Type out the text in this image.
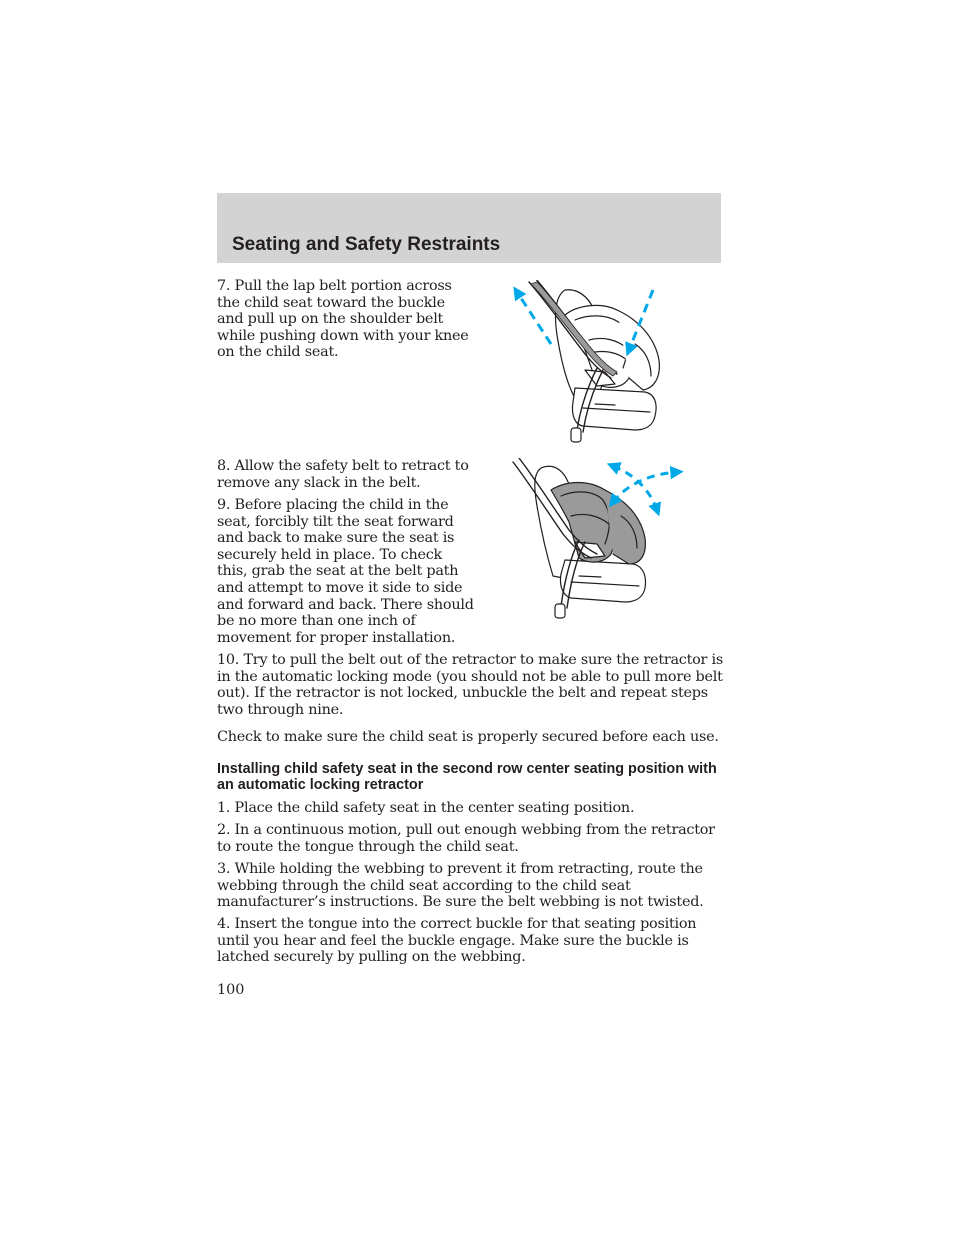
Seating and Safety Restraints

7. Pull the lap belt portion across the child seat toward the buckle and pull up on the shoulder belt while pushing down with your knee on the child seat.

8. Allow the safety belt to retract to remove any slack in the belt.

9. Before placing the child in the seat, forcibly tilt the seat forward and back to make sure the seat is securely held in place. To check this, grab the seat at the belt path and attempt to move it side to side and forward and back. There should be no more than one inch of movement for proper installation.

10. Try to pull the belt out of the retractor to make sure the retractor is in the automatic locking mode (you should not be able to pull more belt out). If the retractor is not locked, unbuckle the belt and repeat steps two through nine.

Check to make sure the child seat is properly secured before each use.

Installing child safety seat in the second row center seating position with an automatic locking retractor

1. Place the child safety seat in the center seating position.

2. In a continuous motion, pull out enough webbing from the retractor to route the tongue through the child seat.

3. While holding the webbing to prevent it from retracting, route the webbing through the child seat according to the child seat manufacturer’s instructions. Be sure the belt webbing is not twisted.

4. Insert the tongue into the correct buckle for that seating position until you hear and feel the buckle engage. Make sure the buckle is latched securely by pulling on the webbing.

100
